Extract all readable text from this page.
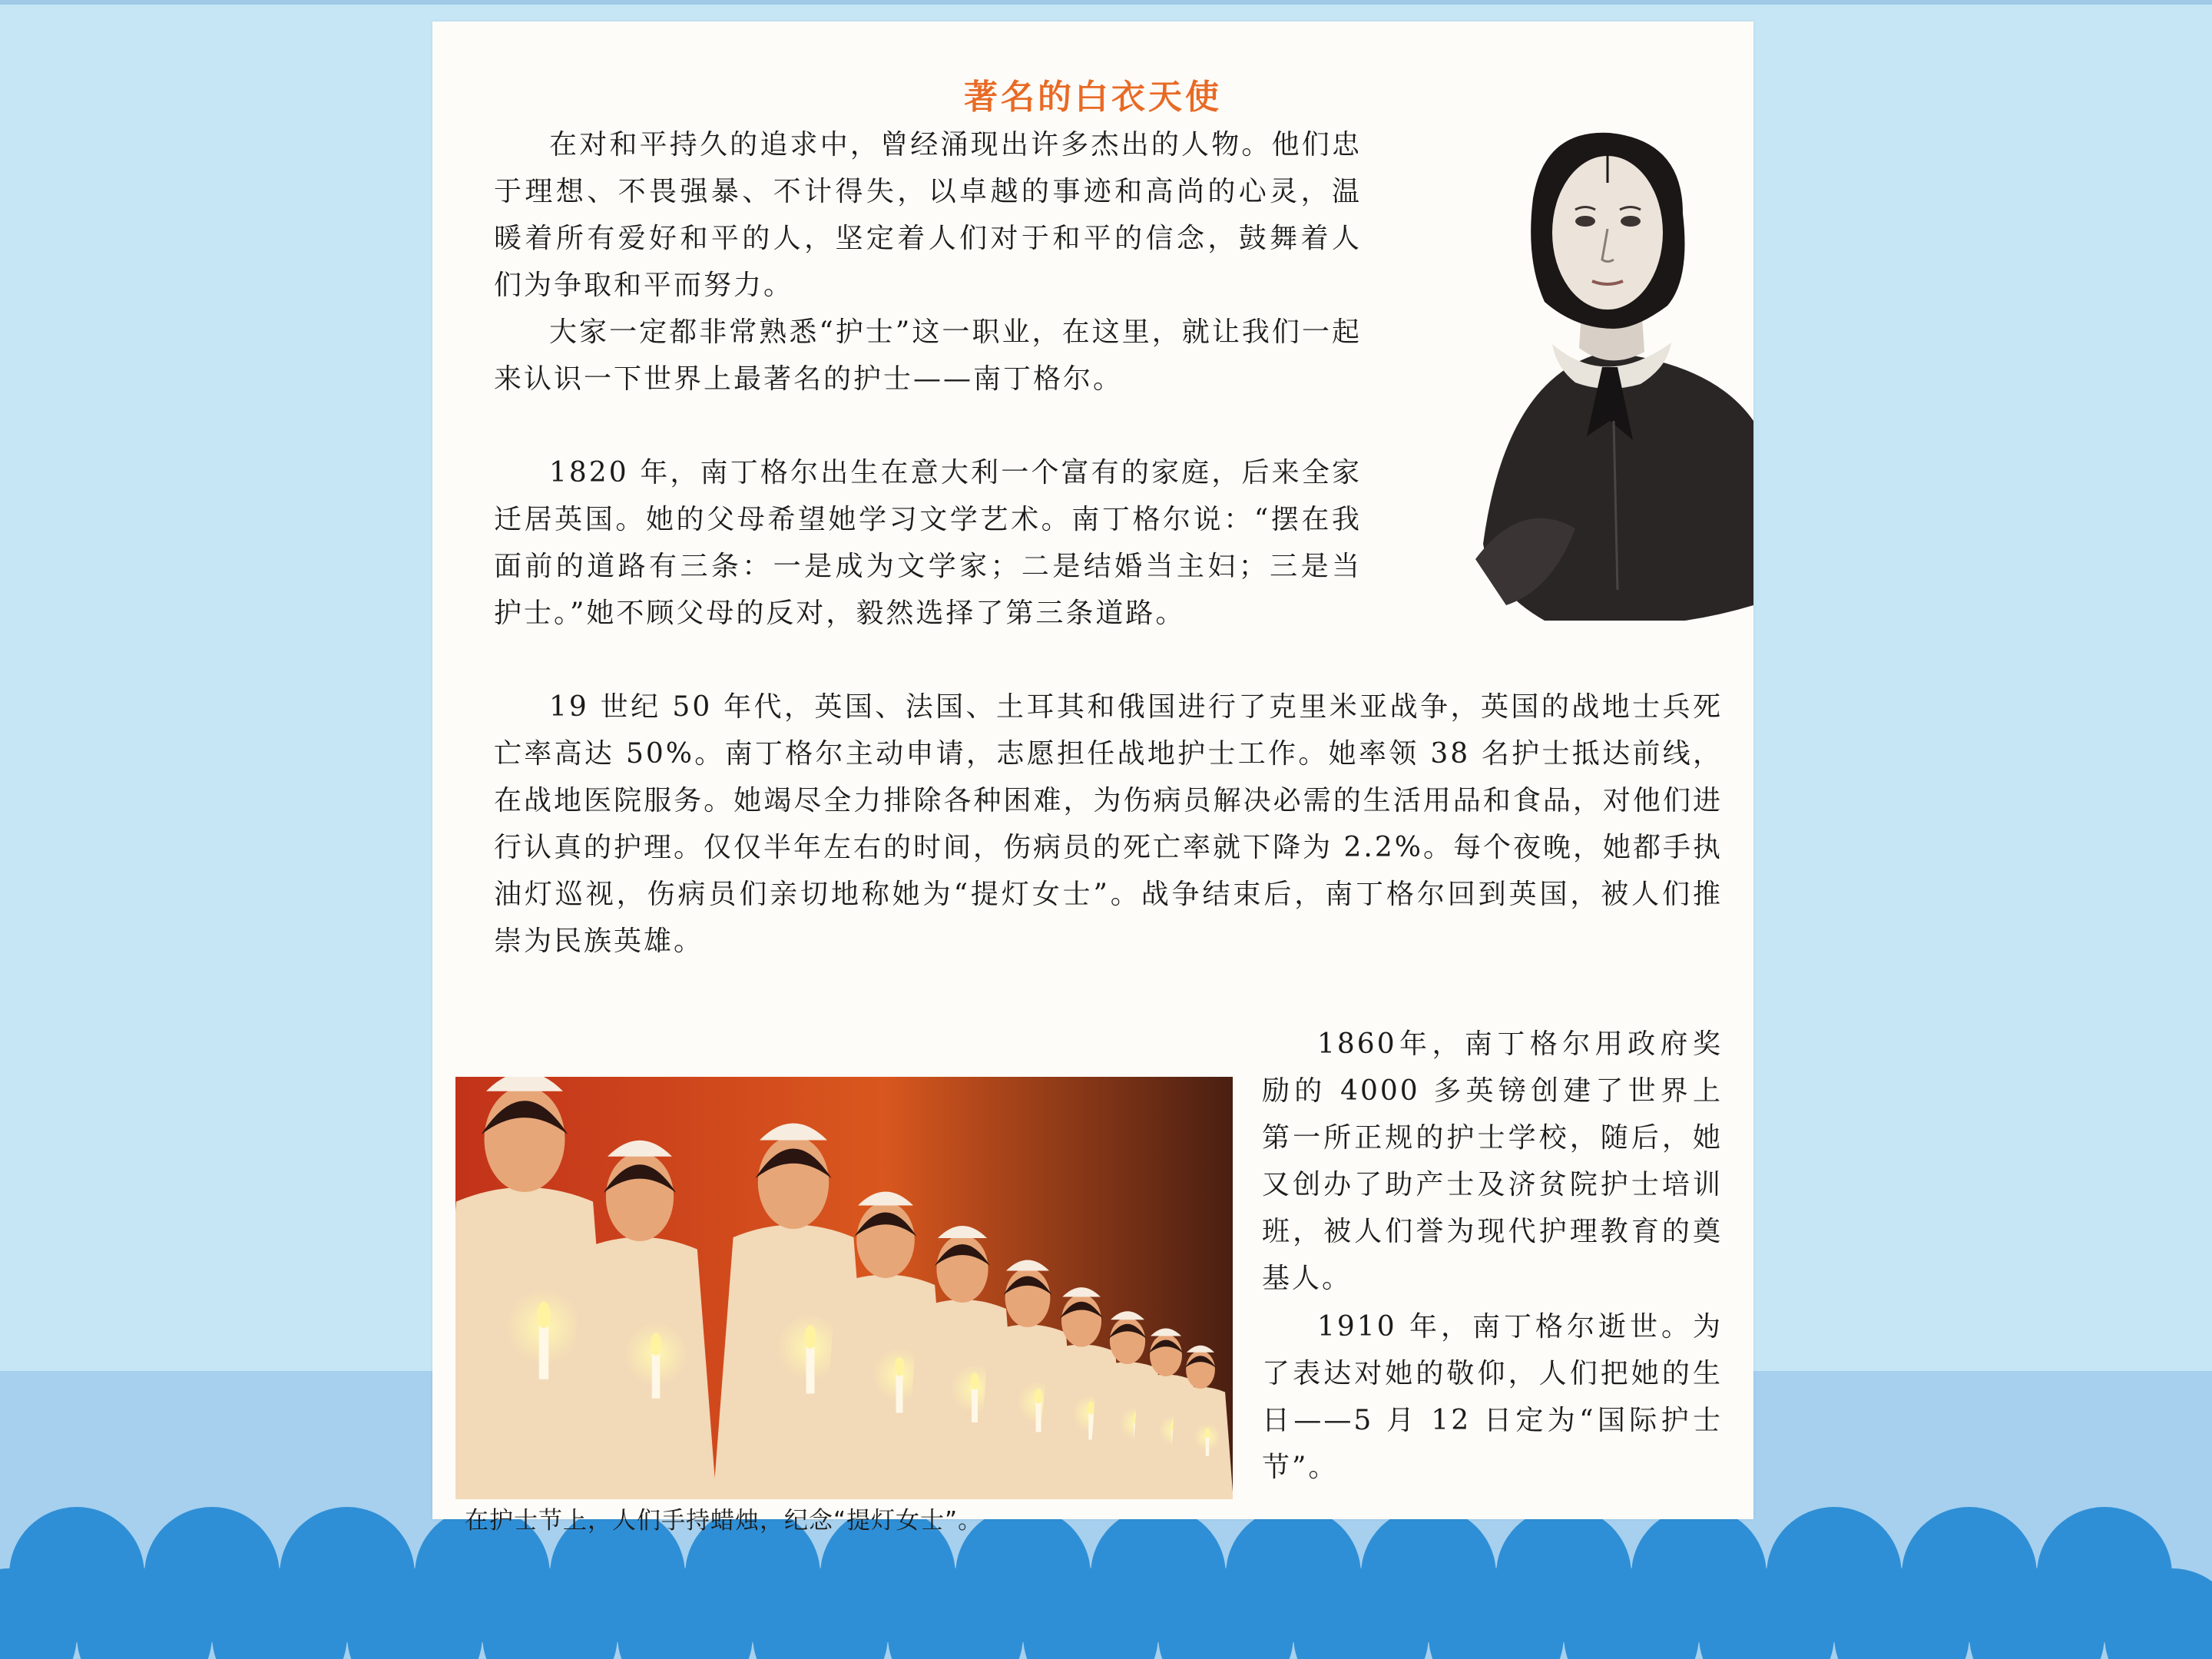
著名的白衣天使

在对和平持久的追求中，曾经涌现出许多杰出的人物。他们忠于理想、不畏强暴、不计得失，以卓越的事迹和高尚的心灵，温暖着所有爱好和平的人，坚定着人们对于和平的信念，鼓舞着人们为争取和平而努力。

大家一定都非常熟悉“护士”这一职业，在这里，就让我们一起来认识一下世界上最著名的护士——南丁格尔。

1820 年，南丁格尔出生在意大利一个富有的家庭，后来全家迁居英国。她的父母希望她学习文学艺术。南丁格尔说：“摆在我面前的道路有三条：一是成为文学家；二是结婚当主妇；三是当护士。”她不顾父母的反对，毅然选择了第三条道路。

19 世纪 50 年代，英国、法国、土耳其和俄国进行了克里米亚战争，英国的战地士兵死亡率高达 50%。南丁格尔主动申请，志愿担任战地护士工作。她率领 38 名护士抵达前线，在战地医院服务。她竭尽全力排除各种困难，为伤病员解决必需的生活用品和食品，对他们进行认真的护理。仅仅半年左右的时间，伤病员的死亡率就下降为 2.2%。每个夜晚，她都手执油灯巡视，伤病员们亲切地称她为“提灯女士”。战争结束后，南丁格尔回到英国，被人们推崇为民族英雄。

1860年，南丁格尔用政府奖励的 4000 多英镑创建了世界上第一所正规的护士学校，随后，她又创办了助产士及济贫院护士培训班，被人们誉为现代护理教育的奠基人。

1910 年，南丁格尔逝世。为了表达对她的敬仰，人们把她的生日——5 月 12 日定为“国际护士节”。

在护士节上，人们手持蜡烛，纪念“提灯女士”。
